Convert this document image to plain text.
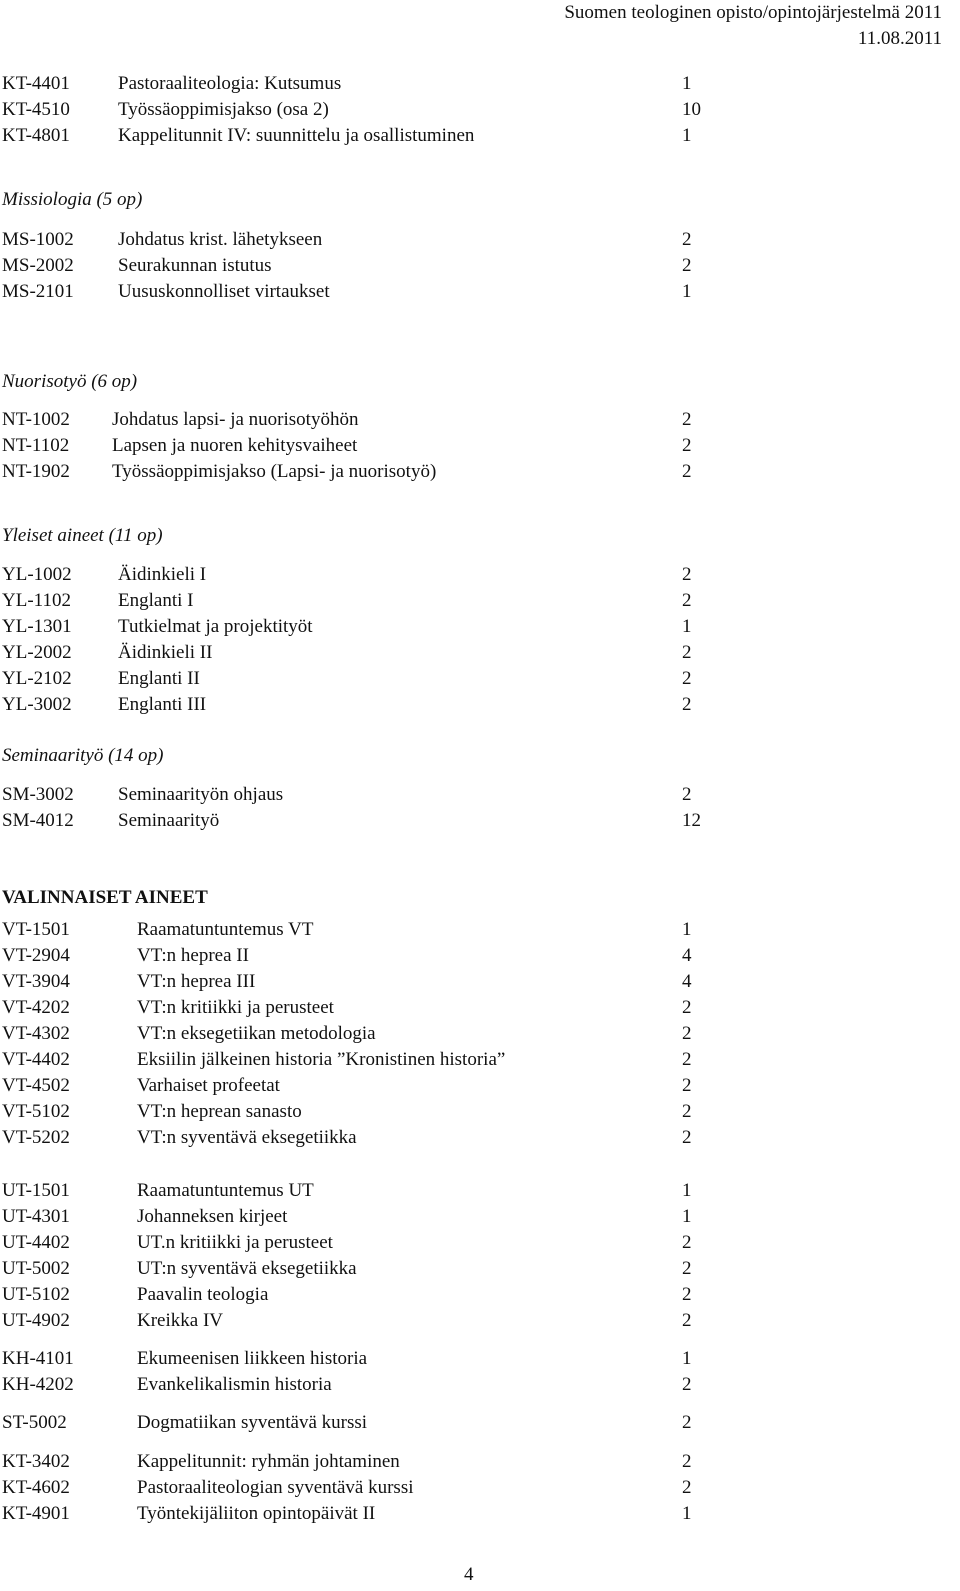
Suomen teologinen opisto/opintojärjestelmä 2011
11.08.2011
KT-4401	Pastoraaliteologia: Kutsumus	1
KT-4510	Työssäoppimisjakso (osa 2)	10
KT-4801	Kappelitunnit IV: suunnittelu ja osallistuminen	1
Missiologia (5 op)
MS-1002 Johdatus krist. lähetykseen	2
MS-2002 Seurakunnan istutus	2
MS-2101 Uususkonnolliset virtaukset	1
Nuorisotyö (6 op)
NT-1002 Johdatus lapsi- ja nuorisotyöhön	2
NT-1102 Lapsen ja nuoren kehitysvaiheet	2
NT-1902 Työssäoppimisjakso (Lapsi- ja nuorisotyö)	2
Yleiset aineet (11 op)
YL-1002 Äidinkieli I	2
YL-1102 Englanti I	2
YL-1301 Tutkielmat ja projektityöt	1
YL-2002 Äidinkieli II	2
YL-2102 Englanti II	2
YL-3002 Englanti III	2
Seminaarityö (14 op)
SM-3002 Seminaarityön ohjaus	2
SM-4012 Seminaarityö	12
VALINNAISET AINEET
VT-1501	Raamatuntuntemus VT	1
VT-2904	VT:n heprea II	4
VT-3904	VT:n heprea III	4
VT-4202	VT:n kritiikki ja perusteet	2
VT-4302	VT:n eksegetiikan metodologia	2
VT-4402	Eksiilin jälkeinen historia ”Kronistinen historia”	2
VT-4502	Varhaiset profeetat	2
VT-5102	VT:n heprean sanasto	2
VT-5202	VT:n syventävä eksegetiikka	2
UT-1501	Raamatuntuntemus UT	1
UT-4301	Johanneksen kirjeet	1
UT-4402	UT.n kritiikki ja perusteet	2
UT-5002	UT:n syventävä eksegetiikka	2
UT-5102	Paavalin teologia	2
UT-4902	Kreikka IV	2
KH-4101	Ekumeenisen liikkeen historia	1
KH-4202	Evankelikalismin historia	2
ST-5002	Dogmatiikan syventävä kurssi	2
KT-3402	Kappelitunnit: ryhmän johtaminen	2
KT-4602	Pastoraaliteologian syventävä kurssi	2
KT-4901	Työntekijäliiton opintopäivät II	1
4
